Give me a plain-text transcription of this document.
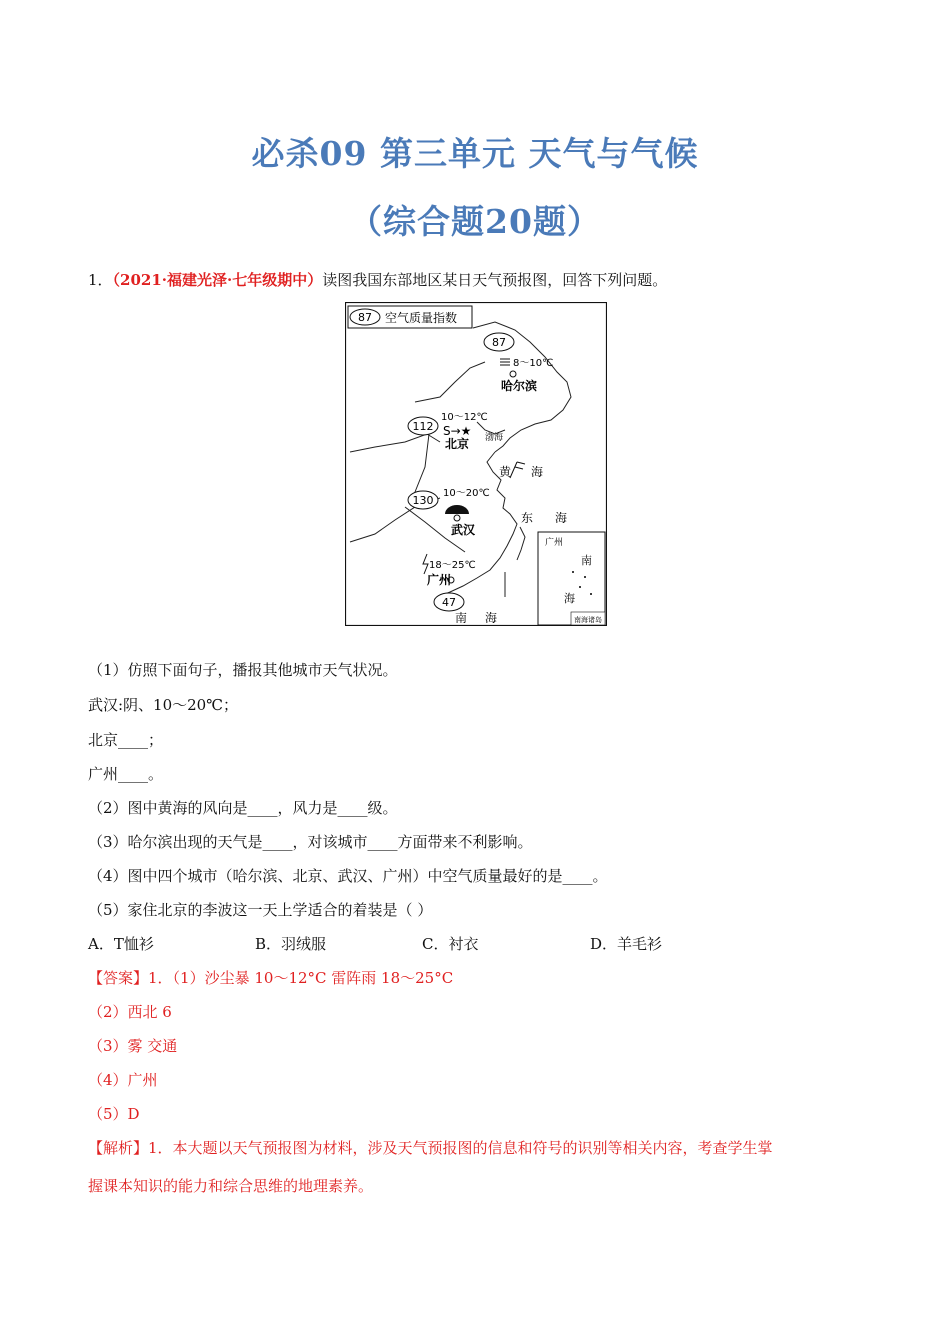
必杀09 第三单元 天气与气候
（综合题20题）
1．（2021·福建光泽·七年级期中）读图我国东部地区某日天气预报图，回答下列问题。
87 空气质量指数
广州
南
海
南海诸岛
渤海
黄 海
东 海
南 海
87
8～10℃
哈尔滨
10～12℃
112 S→★
北京
10～20℃
130
武汉
18～25℃
广州
47
（1）仿照下面句子，播报其他城市天气状况。
武汉:阴、10～20℃；
北京____；
广州____。
（2）图中黄海的风向是____，风力是____级。
（3）哈尔滨出现的天气是____，对该城市____方面带来不利影响。
（4）图中四个城市（哈尔滨、北京、武汉、广州）中空气质量最好的是____。
（5）家住北京的李波这一天上学适合的着装是（ ）
A．T恤衫	B．羽绒服	C．衬衣	D．羊毛衫
【答案】1．（1）沙尘暴 10～12°C 雷阵雨 18～25°C
（2）西北 6
（3）雾 交通
（4）广州
（5）D
【解析】1．本大题以天气预报图为材料，涉及天气预报图的信息和符号的识别等相关内容，考查学生掌
握课本知识的能力和综合思维的地理素养。
